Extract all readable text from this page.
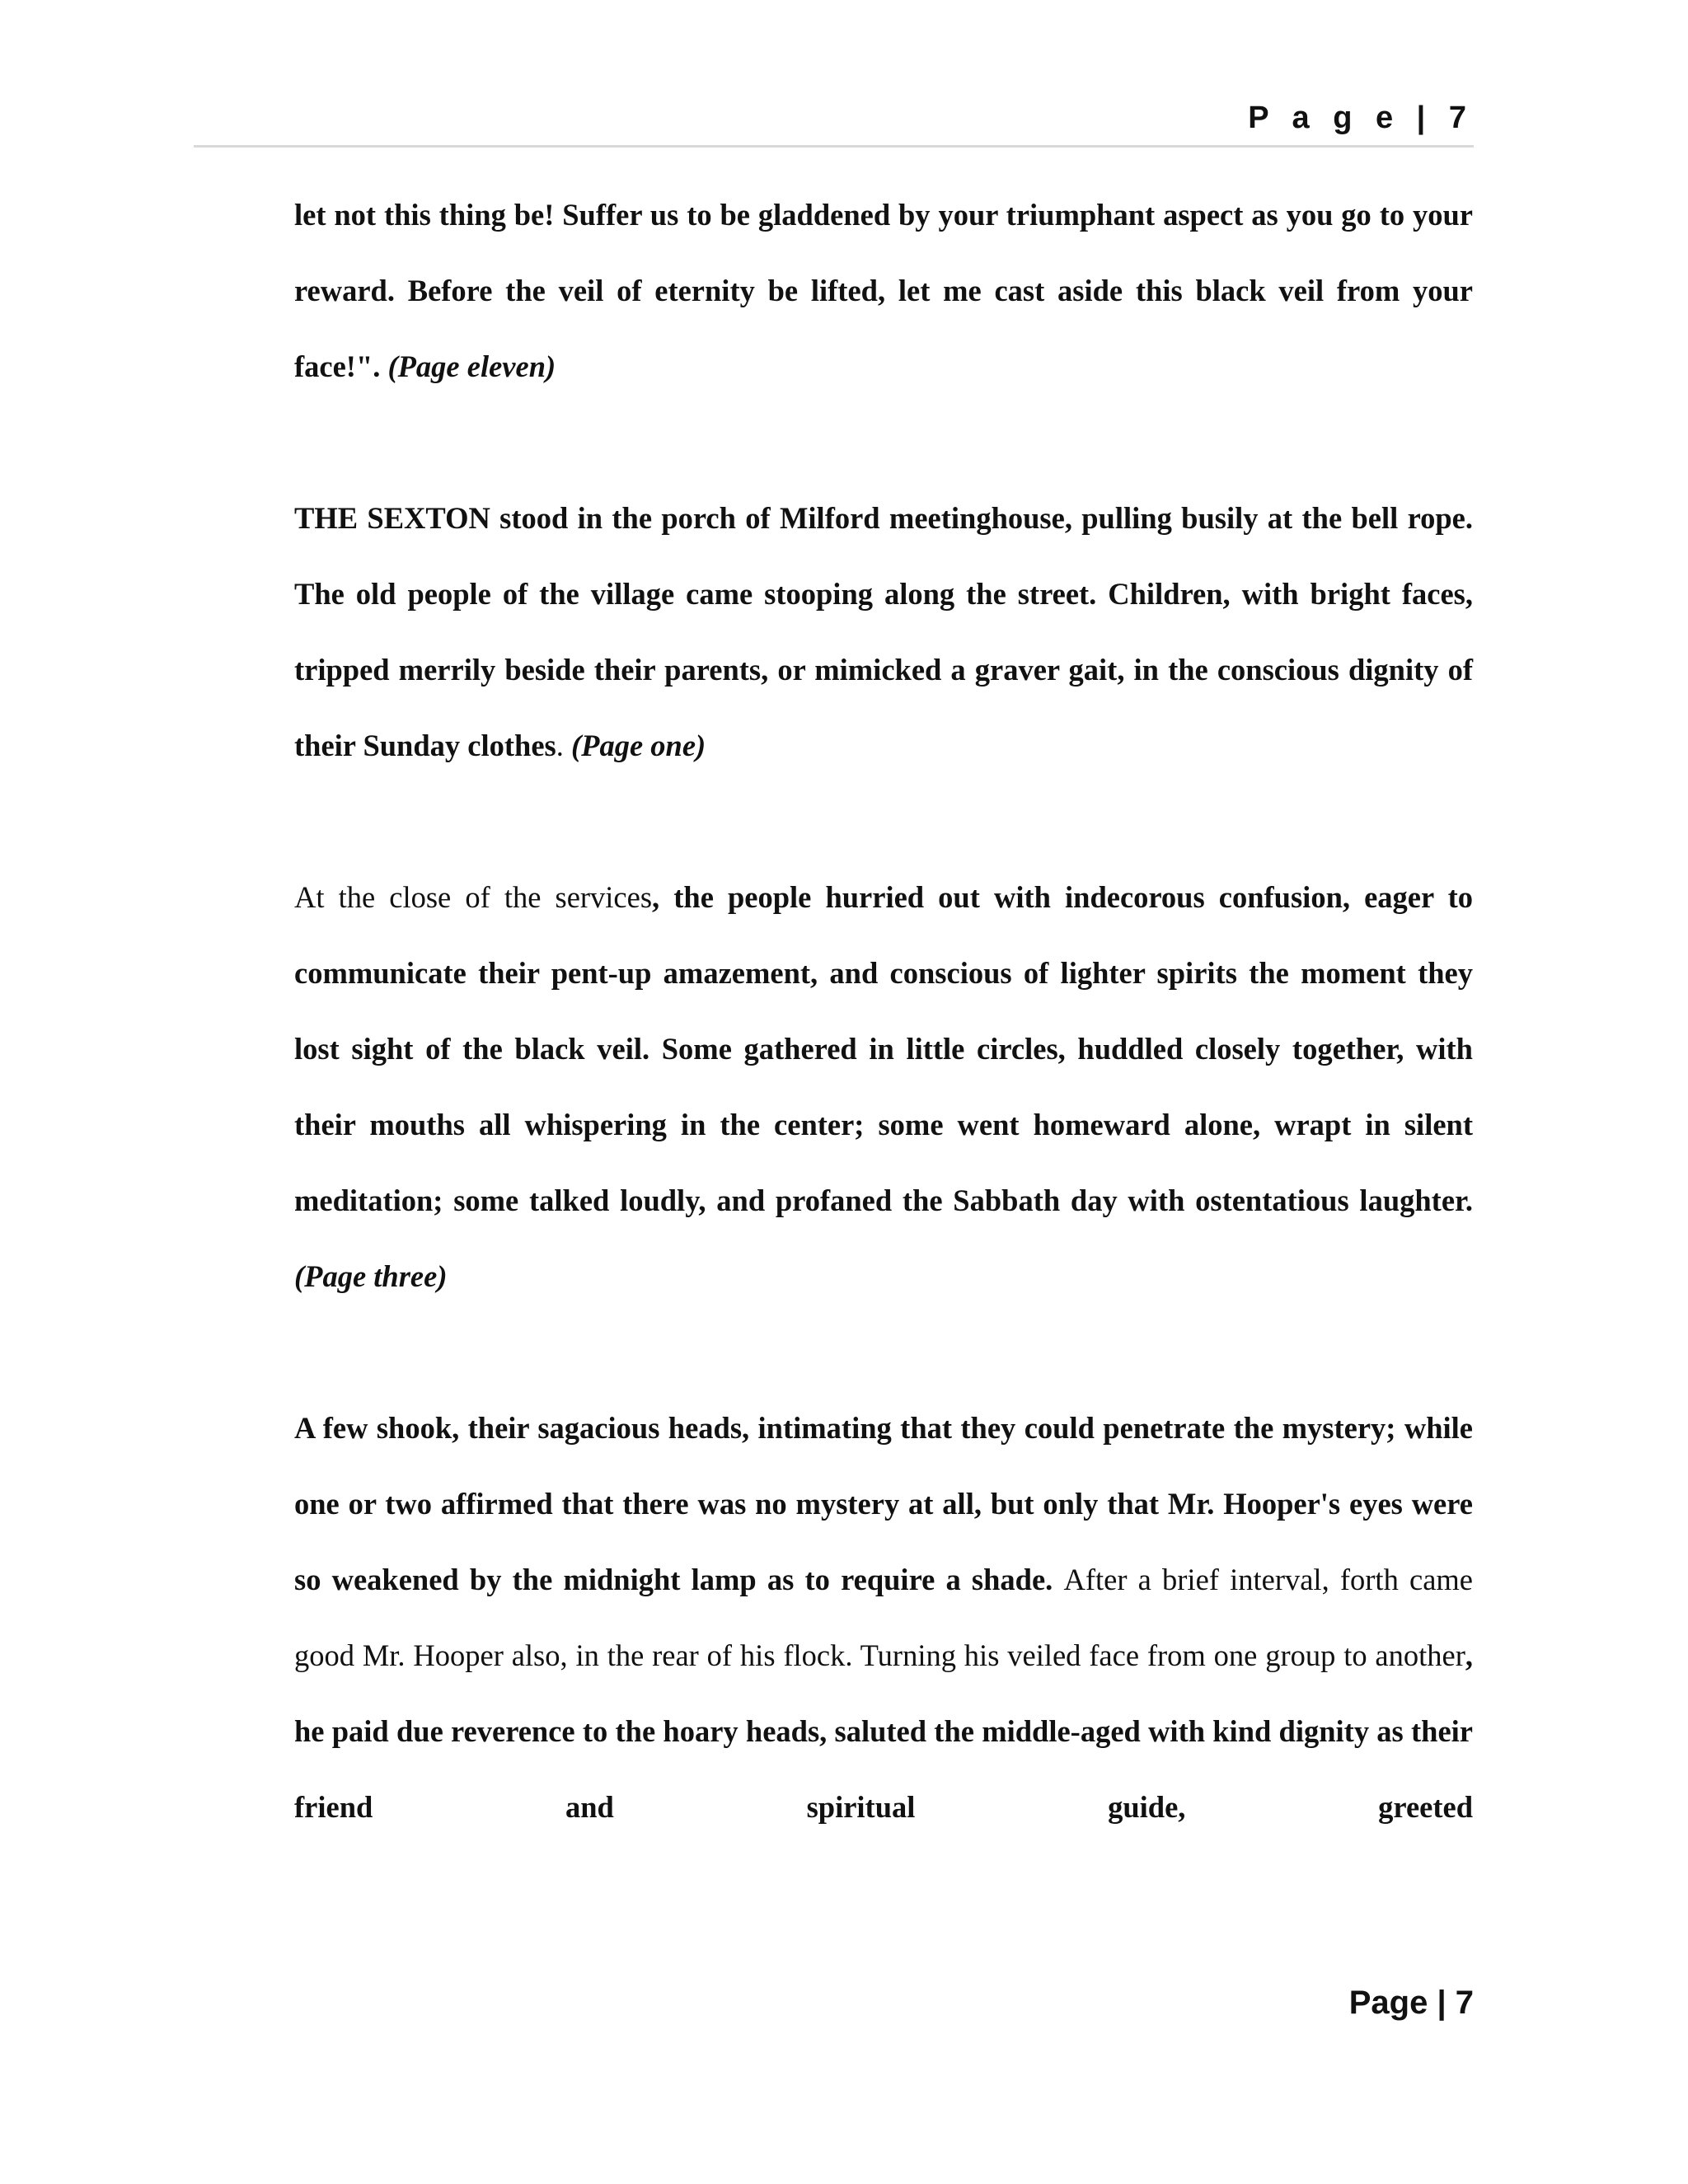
P a g e | 7

let not this thing be! Suffer us to be gladdened by your triumphant aspect as you go to your reward. Before the veil of eternity be lifted, let me cast aside this black veil from your face!". (Page eleven)

THE SEXTON stood in the porch of Milford meetinghouse, pulling busily at the bell rope. The old people of the village came stooping along the street. Children, with bright faces, tripped merrily beside their parents, or mimicked a graver gait, in the conscious dignity of their Sunday clothes. (Page one)

At the close of the services, the people hurried out with indecorous confusion, eager to communicate their pent-up amazement, and conscious of lighter spirits the moment they lost sight of the black veil. Some gathered in little circles, huddled closely together, with their mouths all whispering in the center; some went homeward alone, wrapt in silent meditation; some talked loudly, and profaned the Sabbath day with ostentatious laughter. (Page three)

A few shook, their sagacious heads, intimating that they could penetrate the mystery; while one or two affirmed that there was no mystery at all, but only that Mr. Hooper's eyes were so weakened by the midnight lamp as to require a shade. After a brief interval, forth came good Mr. Hooper also, in the rear of his flock. Turning his veiled face from one group to another, he paid due reverence to the hoary heads, saluted the middle-aged with kind dignity as their friend and spiritual guide, greeted

Page | 7
